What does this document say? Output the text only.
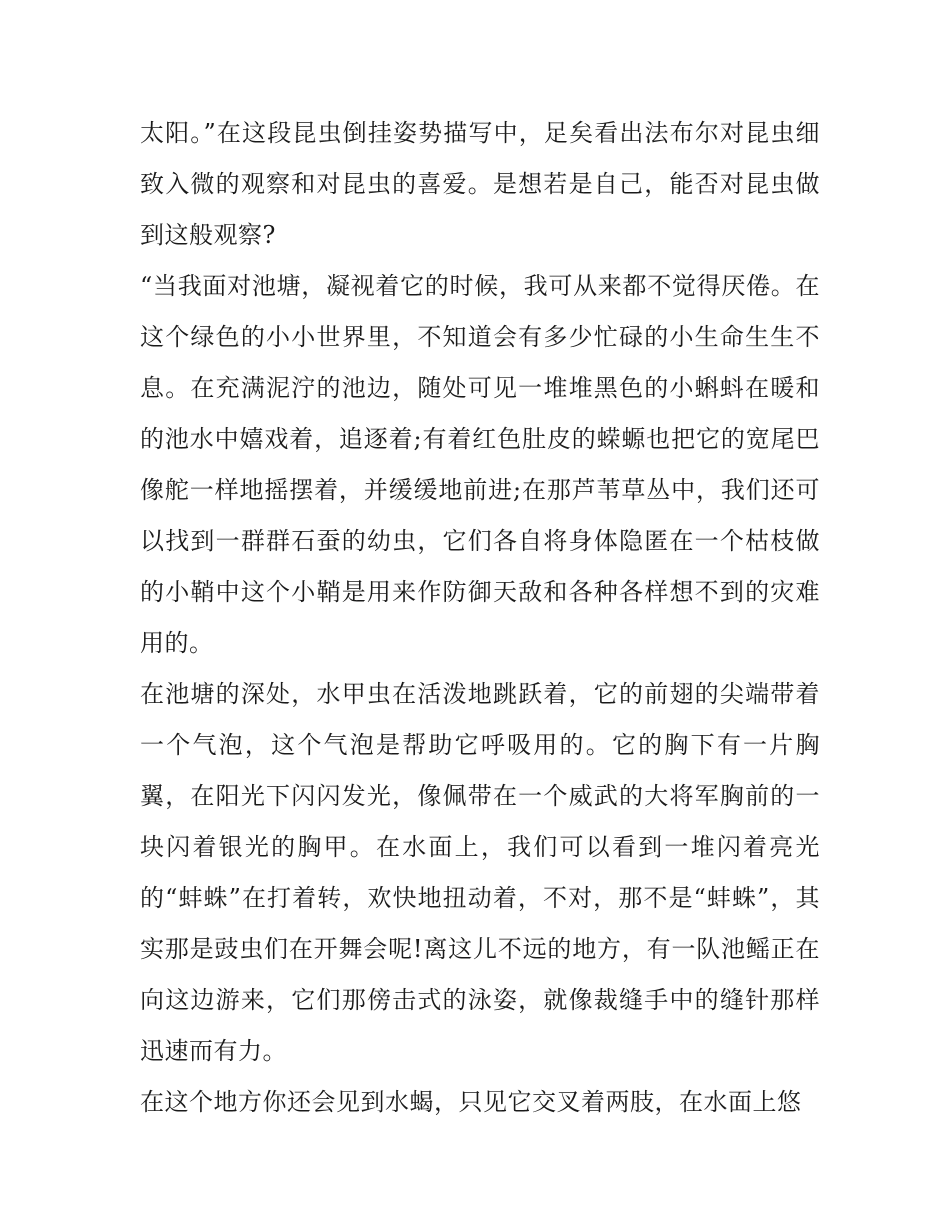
太阳。”在这段昆虫倒挂姿势描写中，足矣看出法布尔对昆虫细致入微的观察和对昆虫的喜爱。是想若是自己，能否对昆虫做到这般观察?

“当我面对池塘，凝视着它的时候，我可从来都不觉得厌倦。在这个绿色的小小世界里，不知道会有多少忙碌的小生命生生不息。在充满泥泞的池边，随处可见一堆堆黑色的小蝌蚪在暖和的池水中嬉戏着，追逐着;有着红色肚皮的蝾螈也把它的宽尾巴像舵一样地摇摆着，并缓缓地前进;在那芦苇草丛中，我们还可以找到一群群石蚕的幼虫，它们各自将身体隐匿在一个枯枝做的小鞘中这个小鞘是用来作防御天敌和各种各样想不到的灾难用的。

在池塘的深处，水甲虫在活泼地跳跃着，它的前翅的尖端带着一个气泡，这个气泡是帮助它呼吸用的。它的胸下有一片胸翼，在阳光下闪闪发光，像佩带在一个威武的大将军胸前的一块闪着银光的胸甲。在水面上，我们可以看到一堆闪着亮光的“蚌蛛”在打着转，欢快地扭动着，不对，那不是“蚌蛛”，其实那是豉虫们在开舞会呢!离这儿不远的地方，有一队池鳐正在向这边游来，它们那傍击式的泳姿，就像裁缝手中的缝针那样迅速而有力。

在这个地方你还会见到水蝎，只见它交叉着两肢，在水面上悠
